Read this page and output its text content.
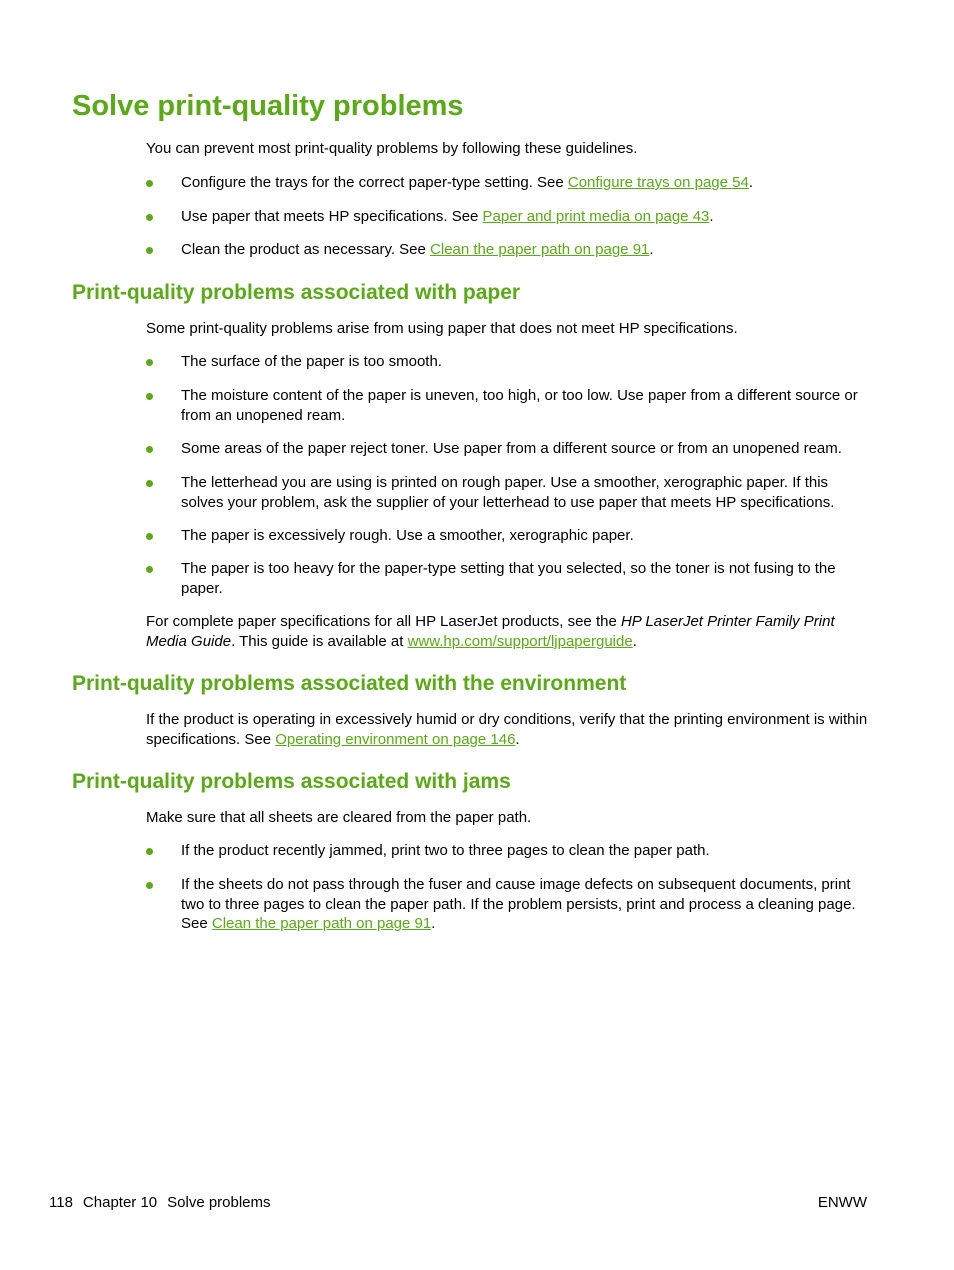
Solve print-quality problems

You can prevent most print-quality problems by following these guidelines.

Configure the trays for the correct paper-type setting. See Configure trays on page 54.
Use paper that meets HP specifications. See Paper and print media on page 43.
Clean the product as necessary. See Clean the paper path on page 91.
Print-quality problems associated with paper

Some print-quality problems arise from using paper that does not meet HP specifications.

The surface of the paper is too smooth.
The moisture content of the paper is uneven, too high, or too low. Use paper from a different source or from an unopened ream.
Some areas of the paper reject toner. Use paper from a different source or from an unopened ream.
The letterhead you are using is printed on rough paper. Use a smoother, xerographic paper. If this solves your problem, ask the supplier of your letterhead to use paper that meets HP specifications.
The paper is excessively rough. Use a smoother, xerographic paper.
The paper is too heavy for the paper-type setting that you selected, so the toner is not fusing to the paper.

For complete paper specifications for all HP LaserJet products, see the HP LaserJet Printer Family Print Media Guide. This guide is available at www.hp.com/support/ljpaperguide.

Print-quality problems associated with the environment

If the product is operating in excessively humid or dry conditions, verify that the printing environment is within specifications. See Operating environment on page 146.

Print-quality problems associated with jams

Make sure that all sheets are cleared from the paper path.

If the product recently jammed, print two to three pages to clean the paper path.
If the sheets do not pass through the fuser and cause image defects on subsequent documents, print two to three pages to clean the paper path. If the problem persists, print and process a cleaning page. See Clean the paper path on page 91.
118 Chapter 10 Solve problems	ENWW
